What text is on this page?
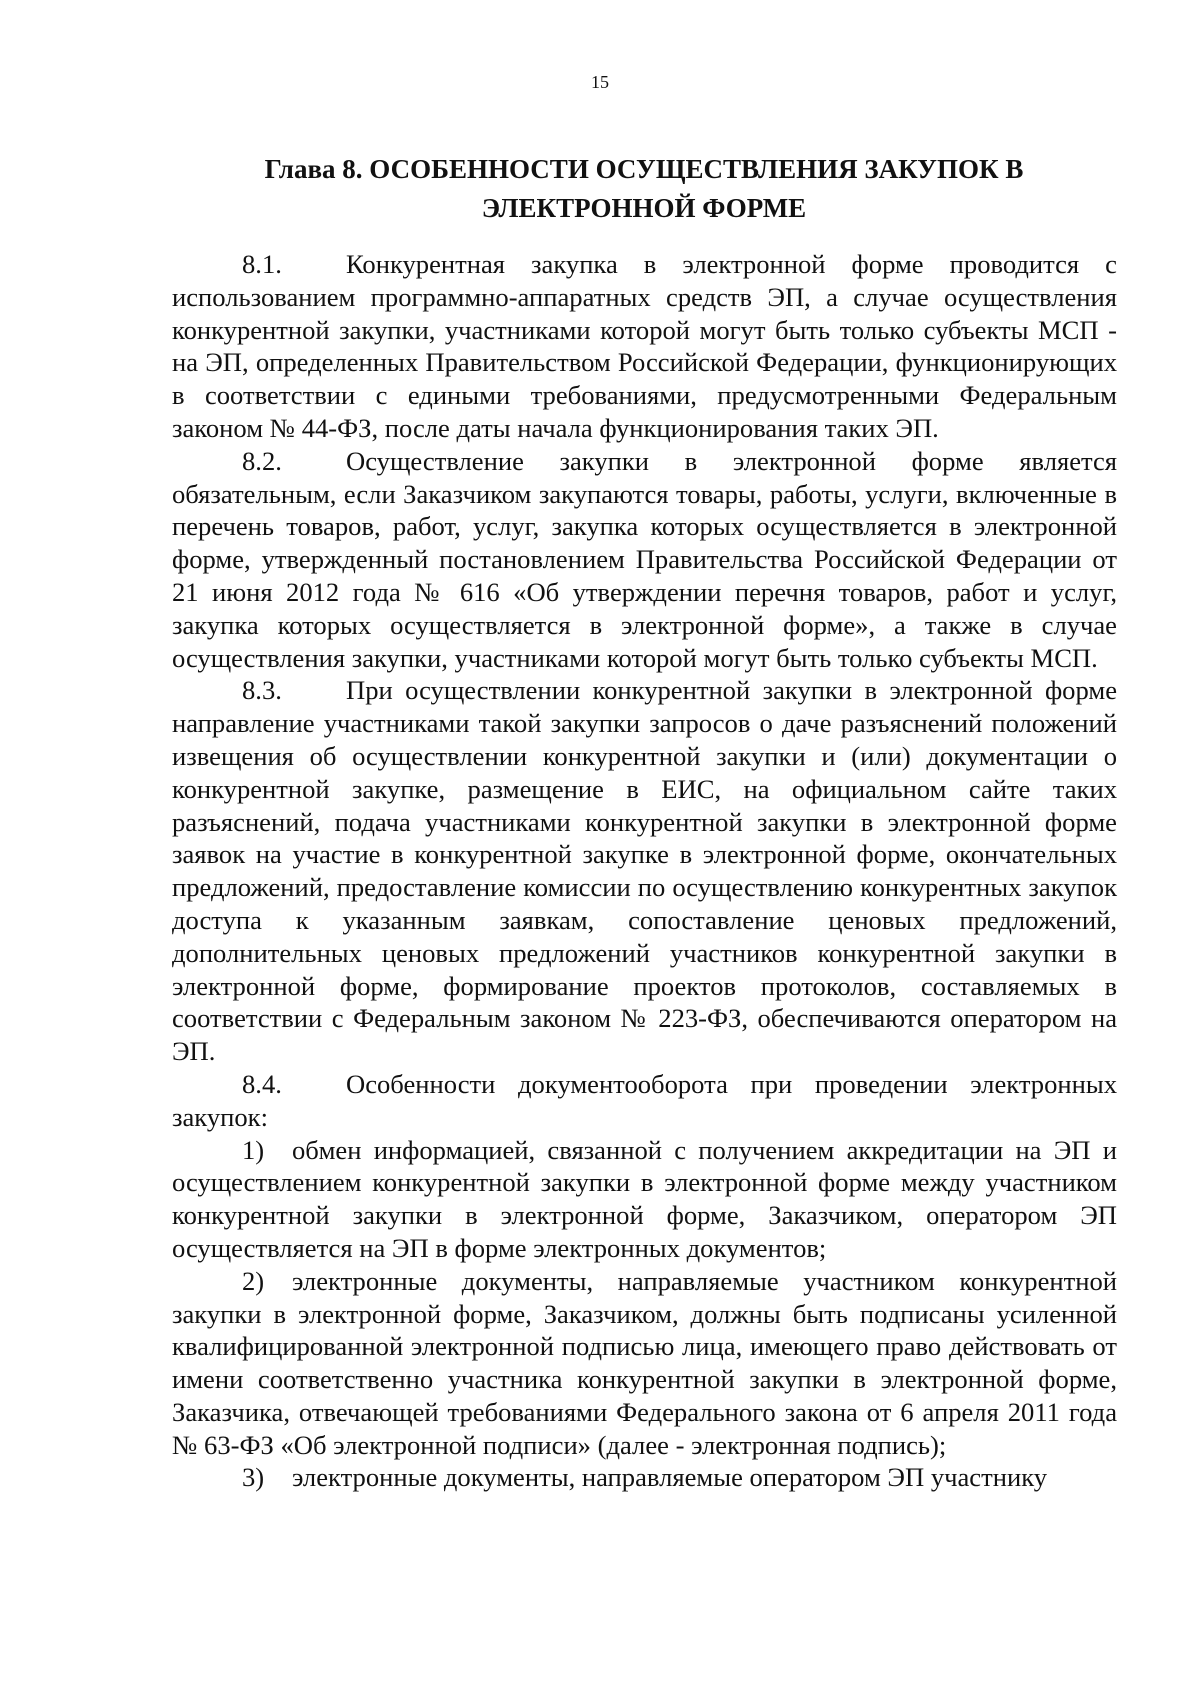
15
Глава 8. ОСОБЕННОСТИ ОСУЩЕСТВЛЕНИЯ ЗАКУПОК В
ЭЛЕКТРОННОЙ ФОРМЕ

8.1. Конкурентная закупка в электронной форме проводится с использованием программно-аппаратных средств ЭП, а случае осуществления конкурентной закупки, участниками которой могут быть только субъекты МСП - на ЭП, определенных Правительством Российской Федерации, функционирующих в соответствии с едиными требованиями, предусмотренными Федеральным законом № 44-ФЗ, после даты начала функционирования таких ЭП.

8.2. Осуществление закупки в электронной форме является обязательным, если Заказчиком закупаются товары, работы, услуги, включенные в перечень товаров, работ, услуг, закупка которых осуществляется в электронной форме, утвержденный постановлением Правительства Российской Федерации от 21 июня 2012 года № 616 «Об утверждении перечня товаров, работ и услуг, закупка которых осуществляется в электронной форме», а также в случае осуществления закупки, участниками которой могут быть только субъекты МСП.

8.3. При осуществлении конкурентной закупки в электронной форме направление участниками такой закупки запросов о даче разъяснений положений извещения об осуществлении конкурентной закупки и (или) документации о конкурентной закупке, размещение в ЕИС, на официальном сайте таких разъяснений, подача участниками конкурентной закупки в электронной форме заявок на участие в конкурентной закупке в электронной форме, окончательных предложений, предоставление комиссии по осуществлению конкурентных закупок доступа к указанным заявкам, сопоставление ценовых предложений, дополнительных ценовых предложений участников конкурентной закупки в электронной форме, формирование проектов протоколов, составляемых в соответствии с Федеральным законом № 223-ФЗ, обеспечиваются оператором на ЭП.

8.4. Особенности документооборота при проведении электронных закупок:

1) обмен информацией, связанной с получением аккредитации на ЭП и осуществлением конкурентной закупки в электронной форме между участником конкурентной закупки в электронной форме, Заказчиком, оператором ЭП осуществляется на ЭП в форме электронных документов;

2) электронные документы, направляемые участником конкурентной закупки в электронной форме, Заказчиком, должны быть подписаны усиленной квалифицированной электронной подписью лица, имеющего право действовать от имени соответственно участника конкурентной закупки в электронной форме, Заказчика, отвечающей требованиями Федерального закона от 6 апреля 2011 года № 63-ФЗ «Об электронной подписи» (далее - электронная подпись);

3) электронные документы, направляемые оператором ЭП участнику
